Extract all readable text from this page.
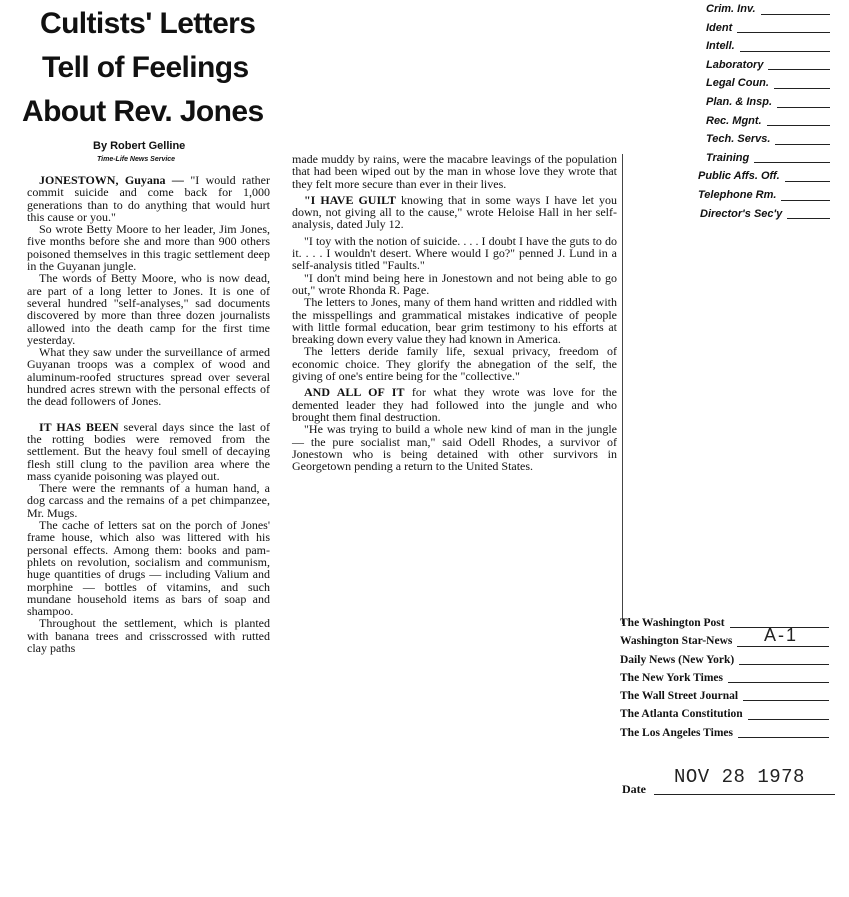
Cultists' Letters
Tell of Feelings
About Rev. Jones
By Robert Gelline
Time-Life News Service

JONESTOWN, Guyana — "I would rather commit suicide and come back for 1,000 generations than to do anything that would hurt this cause or you."

So wrote Betty Moore to her leader, Jim Jones, five months before she and more than 900 others poisoned themselves in this tragic settlement deep in the Guyanan jungle.

The words of Betty Moore, who is now dead, are part of a long letter to Jones. It is one of several hundred "self-analyses," sad documents discovered by more than three dozen journalists allowed into the death camp for the first time yesterday.

What they saw under the surveillance of armed Guyanan troops was a complex of wood and aluminum-roofed structures spread over several hundred acres strewn with the personal effects of the dead followers of Jones.

IT HAS BEEN several days since the last of the rotting bodies were removed from the settlement. But the heavy foul smell of decaying flesh still clung to the pavilion area where the mass cyanide poisoning was played out.

There were the remnants of a human hand, a dog carcass and the remains of a pet chimpanzee, Mr. Mugs.

The cache of letters sat on the porch of Jones' frame house, which also was littered with his personal effects. Among them: books and pamphlets on revolution, socialism and communism, huge quantities of drugs — including Valium and morphine — bottles of vitamins, and such mundane household items as bars of soap and shampoo.

Throughout the settlement, which is planted with banana trees and crisscrossed with rutted clay paths

made muddy by rains, were the macabre leavings of the population that had been wiped out by the man in whose love they wrote that they felt more secure than ever in their lives.

"I HAVE GUILT knowing that in some ways I have let you down, not giving all to the cause," wrote Heloise Hall in her self-analysis, dated July 12.

"I toy with the notion of suicide. . . . I doubt I have the guts to do it. . . . I wouldn't desert. Where would I go?" penned J. Lund in a self-analysis titled "Faults."

"I don't mind being here in Jonestown and not being able to go out," wrote Rhonda R. Page.

The letters to Jones, many of them hand written and riddled with the misspellings and grammatical mistakes indicative of people with little formal education, bear grim testimony to his efforts at breaking down every value they had known in America.

The letters deride family life, sexual privacy, freedom of economic choice. They glorify the abnegation of the self, the giving of one's entire being for the "collective."

AND ALL OF IT for what they wrote was love for the demented leader they had followed into the jungle and who brought them final destruction.

"He was trying to build a whole new kind of man in the jungle — the pure socialist man," said Odell Rhodes, a survivor of Jonestown who is being detained with other survivors in Georgetown pending a return to the United States.

Crim. Inv.
Ident
Intell.
Laboratory
Legal Coun.
Plan. & Insp.
Rec. Mgnt.
Tech. Servs.
Training
Public Affs. Off.
Telephone Rm.
Director's Sec'y
The Washington Post
Washington Star-News
Daily News (New York)
The New York Times
The Wall Street Journal
The Atlanta Constitution
The Los Angeles Times
A-1
NOV 28 1978
Date
